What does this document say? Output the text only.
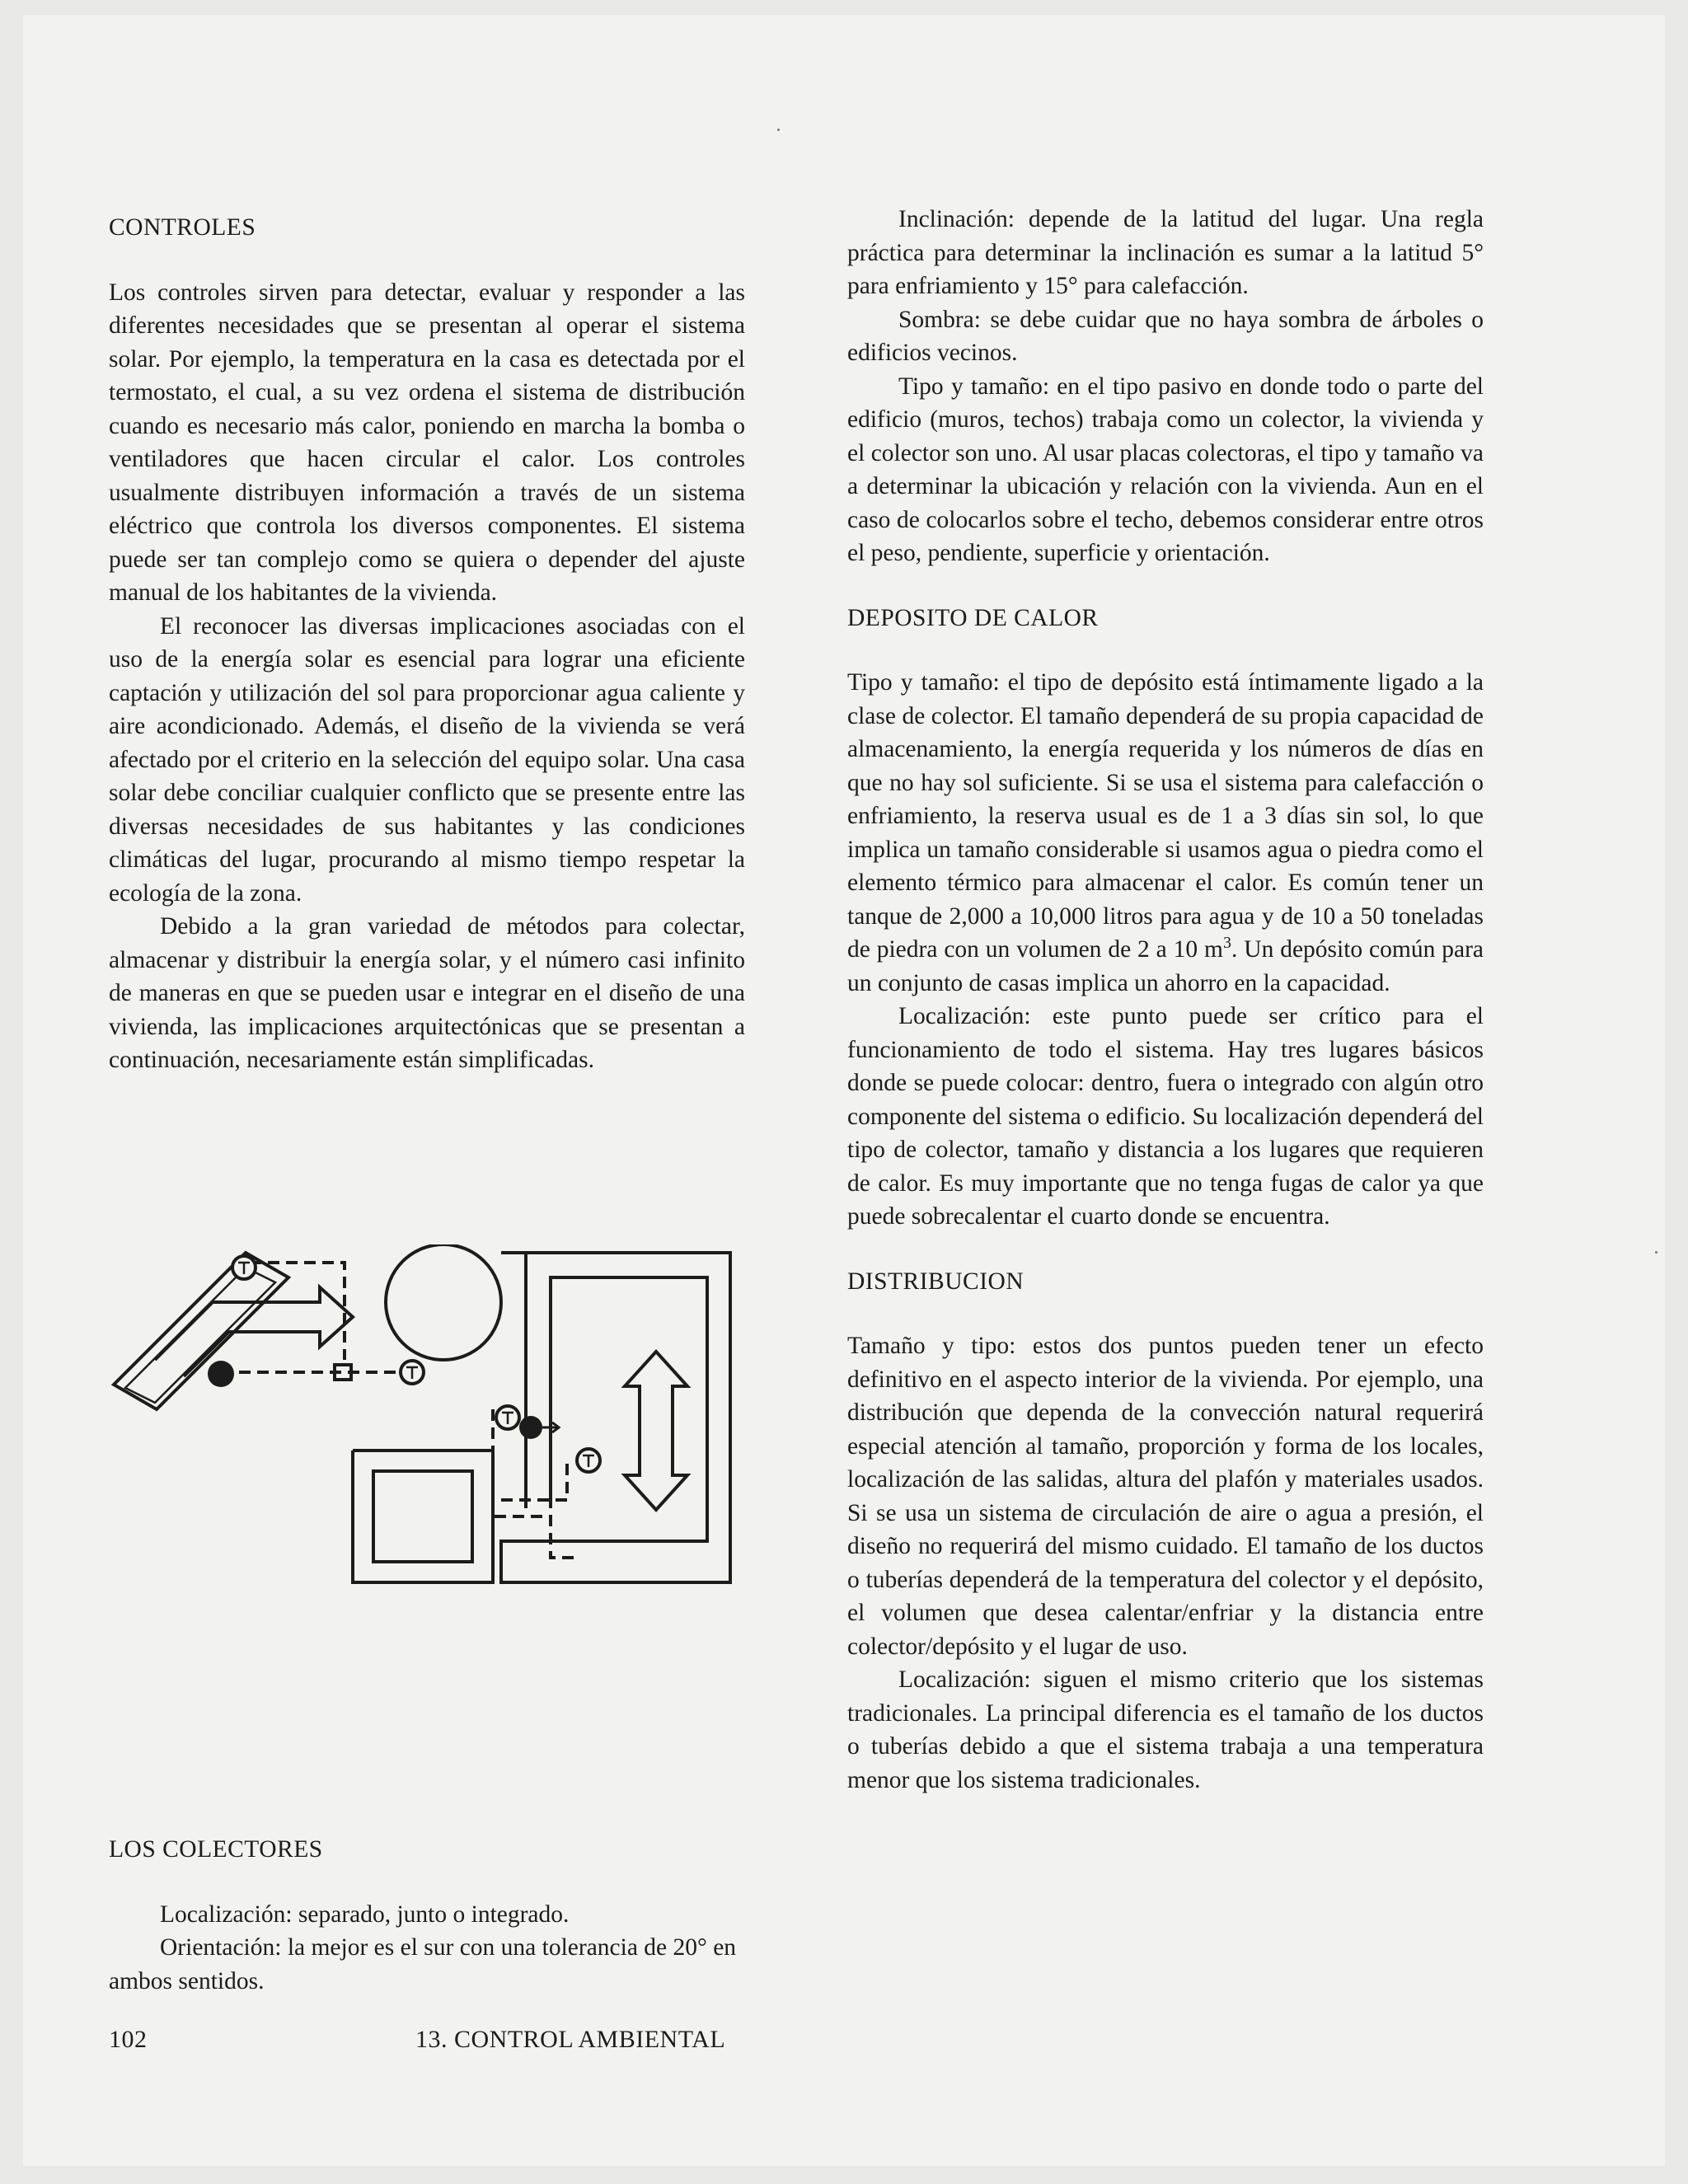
CONTROLES

Los controles sirven para detectar, evaluar y responder a las diferentes necesidades que se presentan al operar el sistema solar. Por ejemplo, la temperatura en la casa es detectada por el termostato, el cual, a su vez ordena el sistema de distribución cuando es necesario más calor, poniendo en marcha la bomba o ventiladores que hacen circular el calor. Los controles usualmente distribuyen información a través de un sistema eléctrico que controla los diversos componentes. El sistema puede ser tan complejo como se quiera o depender del ajuste manual de los habitantes de la vivienda.

El reconocer las diversas implicaciones asociadas con el uso de la energía solar es esencial para lograr una eficiente captación y utilización del sol para proporcionar agua caliente y aire acondicionado. Además, el diseño de la vivienda se verá afectado por el criterio en la selección del equipo solar. Una casa solar debe conciliar cualquier conflicto que se presente entre las diversas necesidades de sus habitantes y las condiciones climáticas del lugar, procurando al mismo tiempo respetar la ecología de la zona.

Debido a la gran variedad de métodos para colectar, almacenar y distribuir la energía solar, y el número casi infinito de maneras en que se pueden usar e integrar en el diseño de una vivienda, las implicaciones arquitectónicas que se presentan a continuación, necesariamente están simplificadas.

LOS COLECTORES

Localización: separado, junto o integrado.

Orientación: la mejor es el sur con una tolerancia de 20° en ambos sentidos.

Inclinación: depende de la latitud del lugar. Una regla práctica para determinar la inclinación es sumar a la latitud 5° para enfriamiento y 15° para calefacción.

Sombra: se debe cuidar que no haya sombra de árboles o edificios vecinos.

Tipo y tamaño: en el tipo pasivo en donde todo o parte del edificio (muros, techos) trabaja como un colector, la vivienda y el colector son uno. Al usar placas colectoras, el tipo y tamaño va a determinar la ubicación y relación con la vivienda. Aun en el caso de colocarlos sobre el techo, debemos considerar entre otros el peso, pendiente, superficie y orientación.

DEPOSITO DE CALOR

Tipo y tamaño: el tipo de depósito está íntimamente ligado a la clase de colector. El tamaño dependerá de su propia capacidad de almacenamiento, la energía requerida y los números de días en que no hay sol suficiente. Si se usa el sistema para calefacción o enfriamiento, la reserva usual es de 1 a 3 días sin sol, lo que implica un tamaño considerable si usamos agua o piedra como el elemento térmico para almacenar el calor. Es común tener un tanque de 2,000 a 10,000 litros para agua y de 10 a 50 toneladas de piedra con un volumen de 2 a 10 $m^3$. Un depósito común para un conjunto de casas implica un ahorro en la capacidad.

Localización: este punto puede ser crítico para el funcionamiento de todo el sistema. Hay tres lugares básicos donde se puede colocar: dentro, fuera o integrado con algún otro componente del sistema o edificio. Su localización dependerá del tipo de colector, tamaño y distancia a los lugares que requieren de calor. Es muy importante que no tenga fugas de calor ya que puede sobrecalentar el cuarto donde se encuentra.

DISTRIBUCION

Tamaño y tipo: estos dos puntos pueden tener un efecto definitivo en el aspecto interior de la vivienda. Por ejemplo, una distribución que dependa de la convección natural requerirá especial atención al tamaño, proporción y forma de los locales, localización de las salidas, altura del plafón y materiales usados. Si se usa un sistema de circulación de aire o agua a presión, el diseño no requerirá del mismo cuidado. El tamaño de los ductos o tuberías dependerá de la temperatura del colector y el depósito, el volumen que desea calentar/enfriar y la distancia entre colector/depósito y el lugar de uso.

Localización: siguen el mismo criterio que los sistemas tradicionales. La principal diferencia es el tamaño de los ductos o tuberías debido a que el sistema trabaja a una temperatura menor que los sistema tradicionales.

102	13. CONTROL AMBIENTAL
